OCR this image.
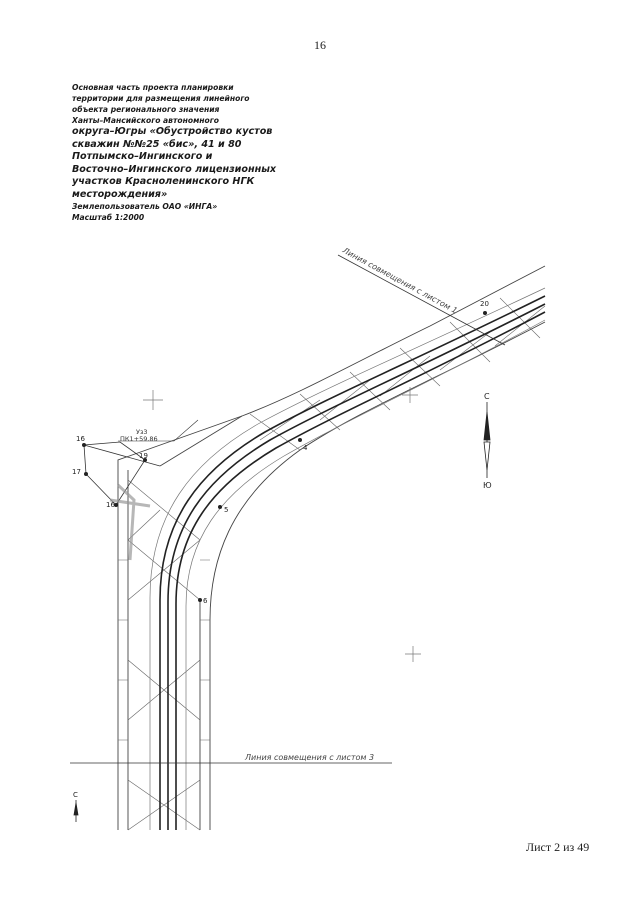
16
Основная часть проекта планировки
территории для размещения линейного
объекта регионального значения
Ханты–Мансийского автономного
округа–Югры «Обустройство кустов
скважин №№25 «бис», 41 и 80
Потпымско–Ингинского и
Восточно–Ингинского лицензионных
участков Красноленинского НГК
месторождения»
Землепользователь ОАО «ИНГА»
Масштаб 1:2000
16
17
19
16
20
4
5
6
Уз3
ПК1+59.86
Линия совмещения с листом 1
Линия совмещения с листом 3
С
Ю
С
Лист 2 из 49
